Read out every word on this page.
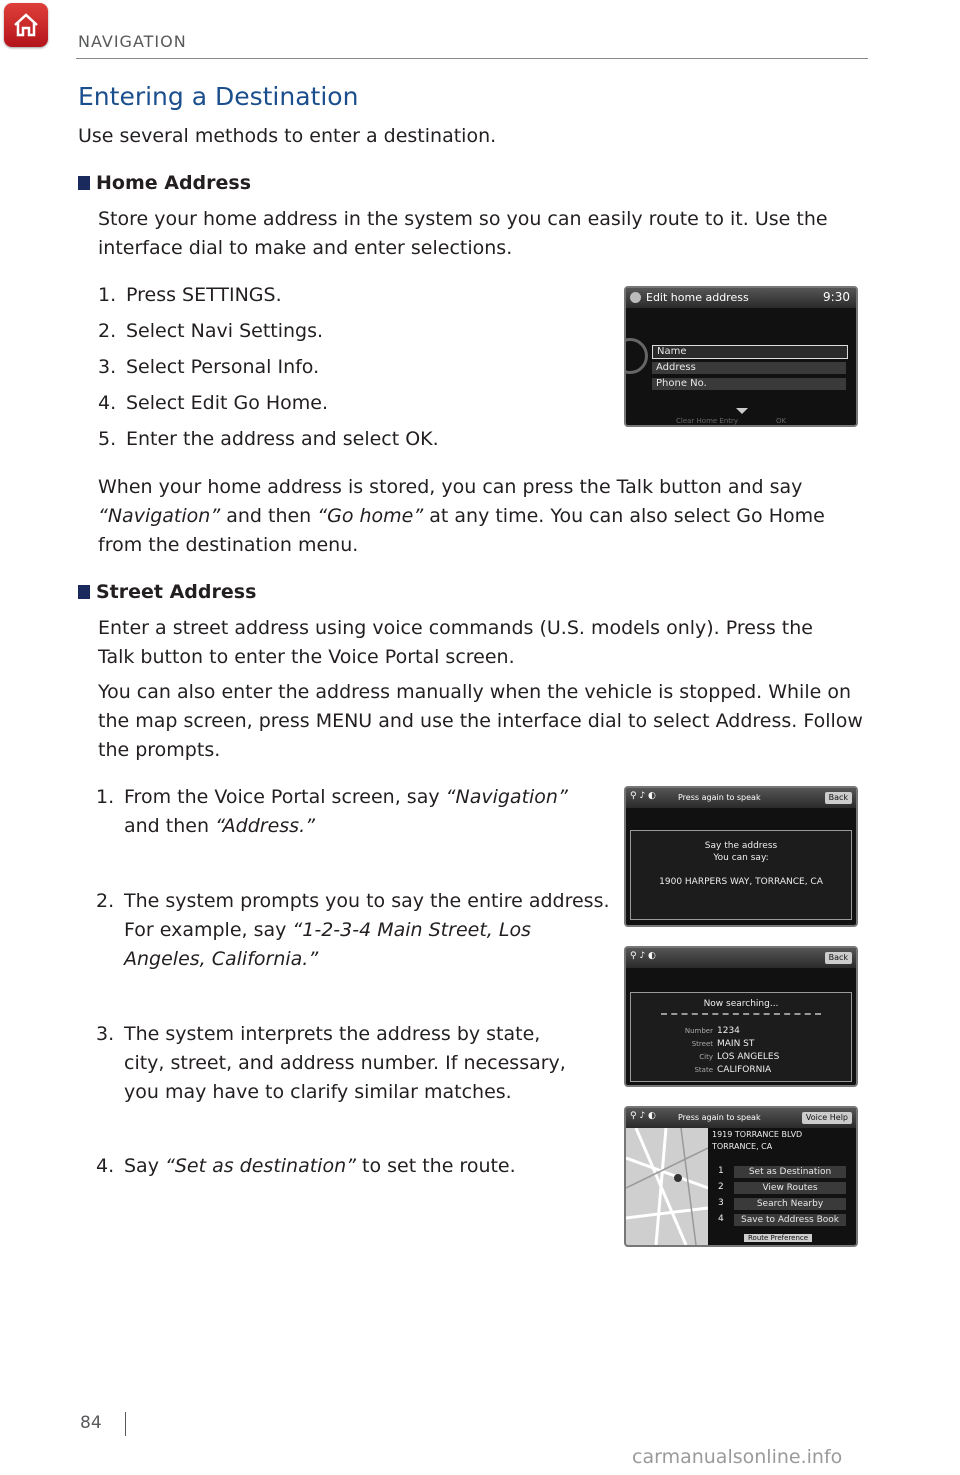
NAVIGATION
Entering a Destination

Use several methods to enter a destination.

Home Address

Store your home address in the system so you can easily route to it. Use the interface dial to make and enter selections.

1. Press SETTINGS.
2. Select Navi Settings.
3. Select Personal Info.
4. Select Edit Go Home.
5. Enter the address and select OK.
Edit home address	9:30
Name
Address
Phone No.
Clear Home Entry	OK

When your home address is stored, you can press the Talk button and say “Navigation” and then “Go home” at any time. You can also select Go Home from the destination menu.

Street Address

Enter a street address using voice commands (U.S. models only). Press the Talk button to enter the Voice Portal screen.

You can also enter the address manually when the vehicle is stopped. While on the map screen, press MENU and use the interface dial to select Address. Follow the prompts.

1. From the Voice Portal screen, say “Navigation” and then “Address.”
2. The system prompts you to say the entire address. For example, say “1-2-3-4 Main Street, Los Angeles, California.”
3. The system interprets the address by state, city, street, and address number. If necessary, you may have to clarify similar matches.
4. Say “Set as destination” to set the route.
⚲ ♪ ◐	Press again to speak	Back
Say the address
You can say:
1900 HARPERS WAY, TORRANCE, CA
⚲ ♪ ◐	Back
Now searching...
Number 1234
Street MAIN ST
City LOS ANGELES
State CALIFORNIA
⚲ ♪ ◐	Press again to speak	Voice Help
1919 TORRANCE BLVD
TORRANCE, CA
1	Set as Destination
2	View Routes
3	Search Nearby
4	Save to Address Book
Route Preference
84
carmanualsonline.info
